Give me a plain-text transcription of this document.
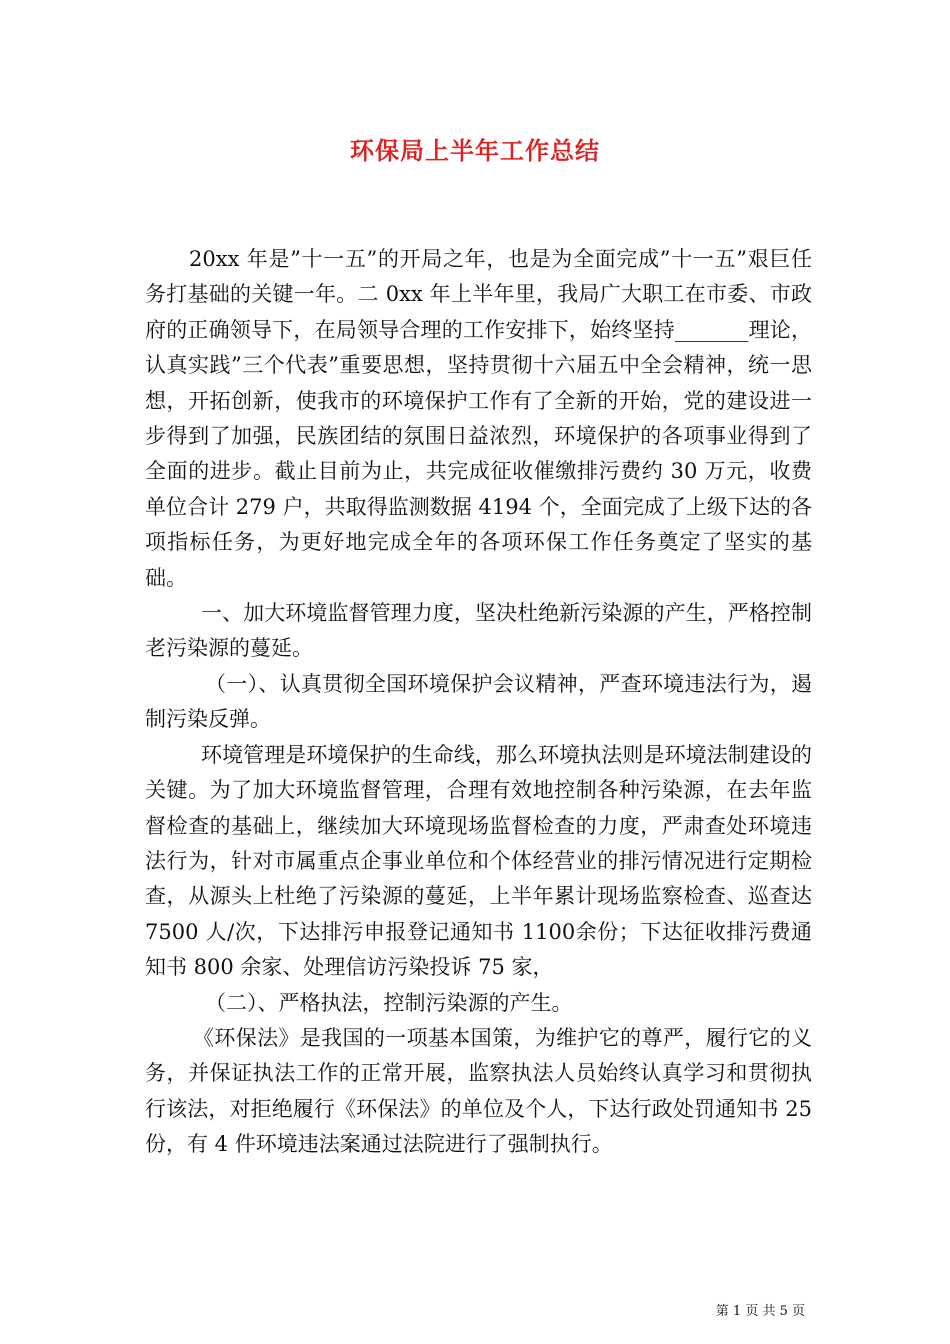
环保局上半年工作总结

20xx 年是”十一五”的开局之年，也是为全面完成”十一五”艰巨任务打基础的关键一年。二 0xx 年上半年里，我局广大职工在市委、市政府的正确领导下，在局领导合理的工作安排下，始终坚持_______理论，认真实践”三个代表”重要思想，坚持贯彻十六届五中全会精神，统一思想，开拓创新，使我市的环境保护工作有了全新的开始，党的建设进一步得到了加强，民族团结的氛围日益浓烈，环境保护的各项事业得到了全面的进步。截止目前为止，共完成征收催缴排污费约 30 万元，收费单位合计 279 户，共取得监测数据 4194 个，全面完成了上级下达的各项指标任务，为更好地完成全年的各项环保工作任务奠定了坚实的基础。

一、加大环境监督管理力度，坚决杜绝新污染源的产生，严格控制老污染源的蔓延。

（一）、认真贯彻全国环境保护会议精神，严查环境违法行为，遏制污染反弹。

环境管理是环境保护的生命线，那么环境执法则是环境法制建设的关键。为了加大环境监督管理，合理有效地控制各种污染源，在去年监督检查的基础上，继续加大环境现场监督检查的力度，严肃查处环境违法行为，针对市属重点企事业单位和个体经营业的排污情况进行定期检查，从源头上杜绝了污染源的蔓延，上半年累计现场监察检查、巡查达 7500 人/次，下达排污申报登记通知书 1100余份；下达征收排污费通知书 800 余家、处理信访污染投诉 75 家，

（二）、严格执法，控制污染源的产生。

《环保法》是我国的一项基本国策，为维护它的尊严，履行它的义务，并保证执法工作的正常开展，监察执法人员始终认真学习和贯彻执行该法，对拒绝履行《环保法》的单位及个人，下达行政处罚通知书 25 份，有 4 件环境违法案通过法院进行了强制执行。

第 1 页 共 5 页
